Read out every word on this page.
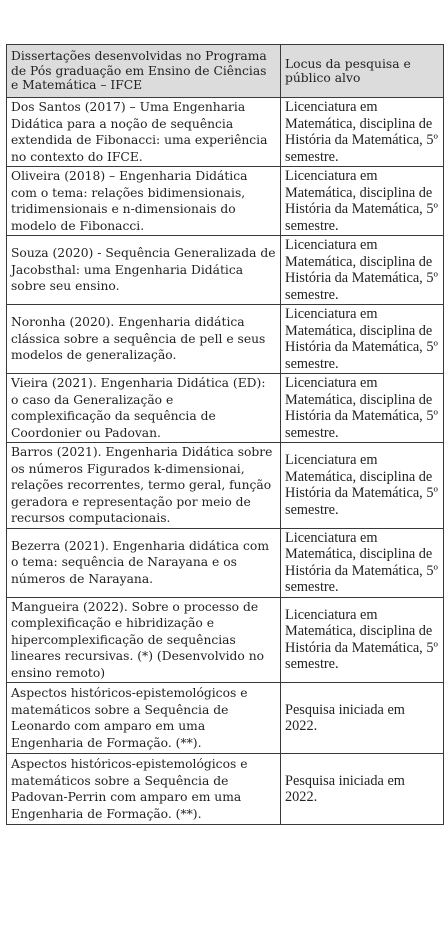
Dissertações desenvolvidas no Programa de Pós graduação em Ensino de Ciências e Matemática – IFCE	Locus da pesquisa e público alvo
Dos Santos (2017) – Uma Engenharia Didática para a noção de sequência extendida de Fibonacci: uma experiência no contexto do IFCE.	Licenciatura em Matemática, disciplina de História da Matemática, 5º semestre.
Oliveira (2018) – Engenharia Didática com o tema: relações bidimensionais, tridimensionais e n-dimensionais do modelo de Fibonacci.	Licenciatura em Matemática, disciplina de História da Matemática, 5º semestre.
Souza (2020) - Sequência Generalizada de Jacobsthal: uma Engenharia Didática sobre seu ensino.	Licenciatura em Matemática, disciplina de História da Matemática, 5º semestre.
Noronha (2020). Engenharia didática clássica sobre a sequência de pell e seus modelos de generalização.	Licenciatura em Matemática, disciplina de História da Matemática, 5º semestre.
Vieira (2021). Engenharia Didática (ED): o caso da Generalização e complexificação da sequência de Coordonier ou Padovan.	Licenciatura em Matemática, disciplina de História da Matemática, 5º semestre.
Barros (2021). Engenharia Didática sobre os números Figurados k-dimensionai, relações recorrentes, termo geral, função geradora e representação por meio de recursos computacionais.	Licenciatura em Matemática, disciplina de História da Matemática, 5º semestre.
Bezerra (2021). Engenharia didática com o tema: sequência de Narayana e os números de Narayana.	Licenciatura em Matemática, disciplina de História da Matemática, 5º semestre.
Mangueira (2022). Sobre o processo de complexificação e hibridização e hipercomplexificação de sequências lineares recursivas. (*) (Desenvolvido no ensino remoto)	Licenciatura em Matemática, disciplina de História da Matemática, 5º semestre.
Aspectos históricos-epistemológicos e matemáticos sobre a Sequência de Leonardo com amparo em uma Engenharia de Formação. (**).	Pesquisa iniciada em 2022.
Aspectos históricos-epistemológicos e matemáticos sobre a Sequência de Padovan-Perrin com amparo em uma Engenharia de Formação. (**).	Pesquisa iniciada em 2022.
